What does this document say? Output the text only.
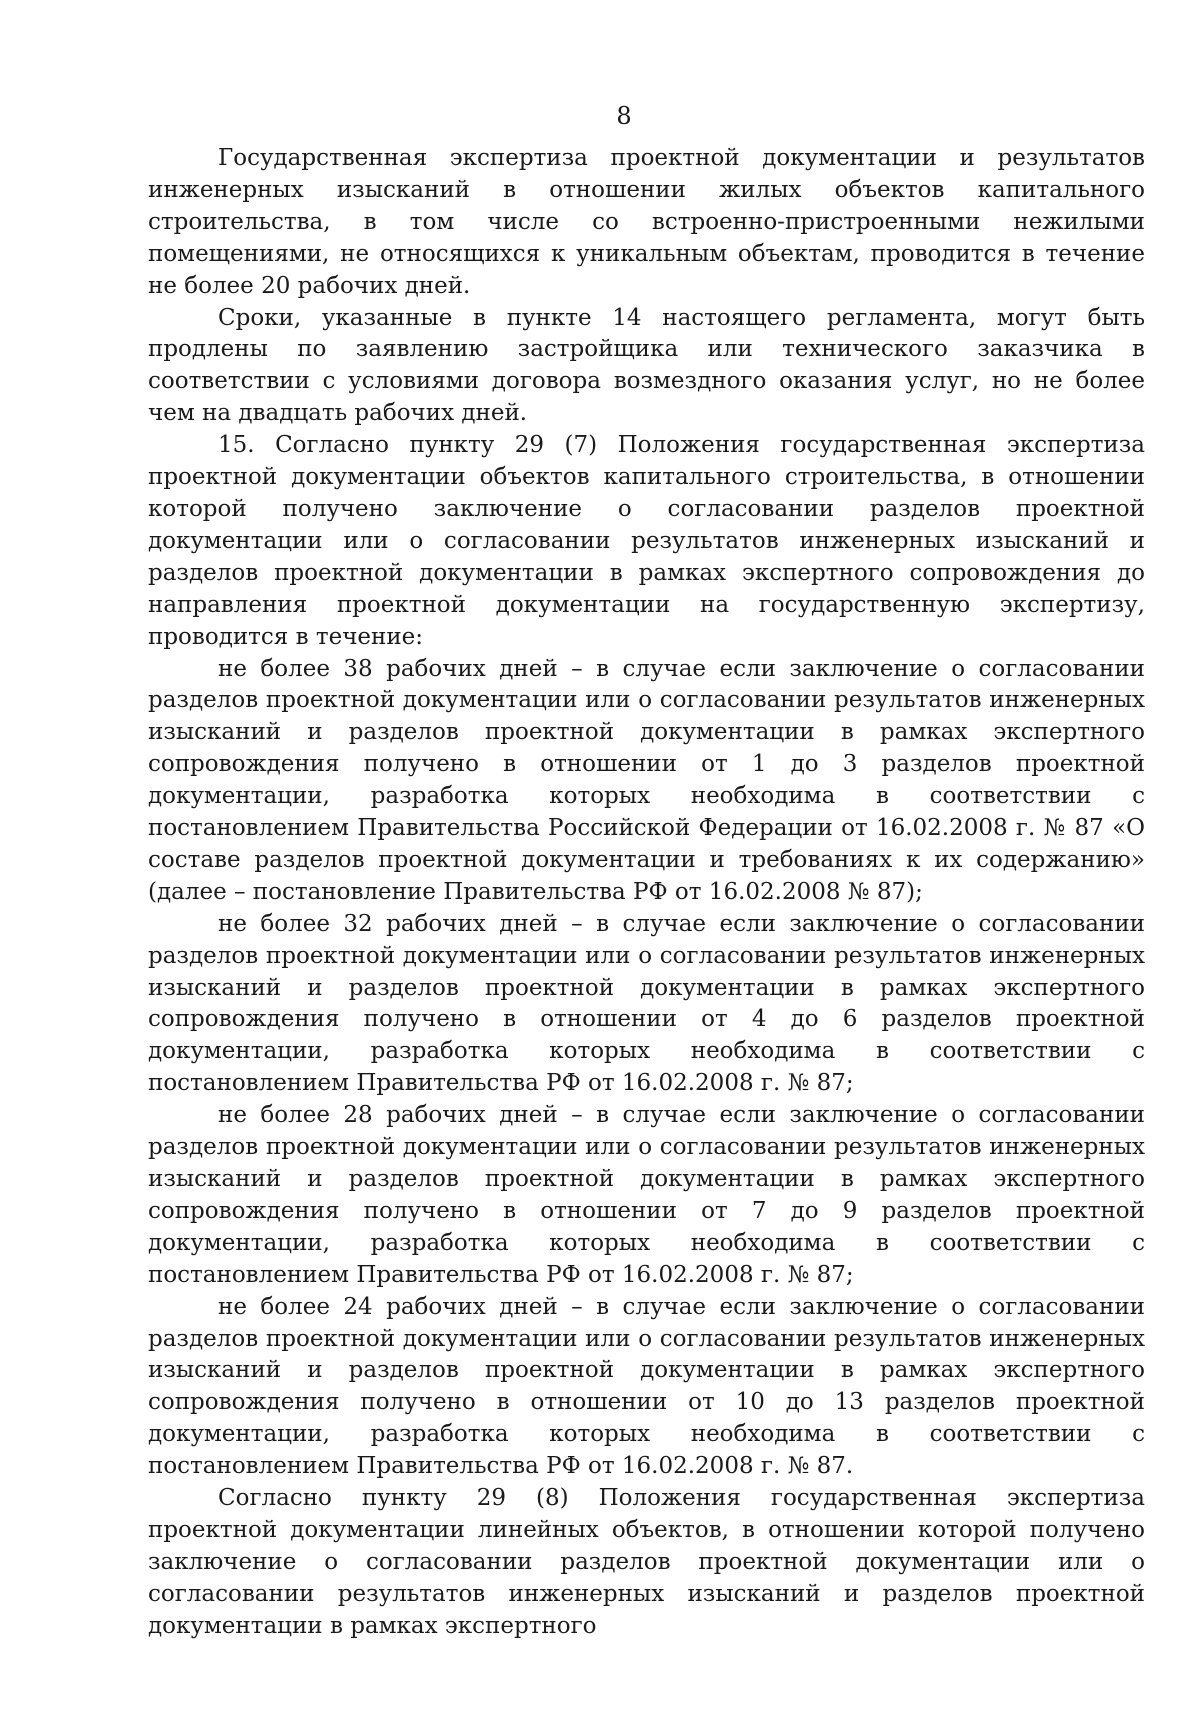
8

Государственная экспертиза проектной документации и результатов инженерных изысканий в отношении жилых объектов капитального строительства, в том числе со встроенно-пристроенными нежилыми помещениями, не относящихся к уникальным объектам, проводится в течение не более 20 рабочих дней.

Сроки, указанные в пункте 14 настоящего регламента, могут быть продлены по заявлению застройщика или технического заказчика в соответствии с условиями договора возмездного оказания услуг, но не более чем на двадцать рабочих дней.

15. Согласно пункту 29 (7) Положения государственная экспертиза проектной документации объектов капитального строительства, в отношении которой получено заключение о согласовании разделов проектной документации или о согласовании результатов инженерных изысканий и разделов проектной документации в рамках экспертного сопровождения до направления проектной документации на государственную экспертизу, проводится в течение:

не более 38 рабочих дней – в случае если заключение о согласовании разделов проектной документации или о согласовании результатов инженерных изысканий и разделов проектной документации в рамках экспертного сопровождения получено в отношении от 1 до 3 разделов проектной документации, разработка которых необходима в соответствии с постановлением Правительства Российской Федерации от 16.02.2008 г. № 87 «О составе разделов проектной документации и требованиях к их содержанию» (далее – постановление Правительства РФ от 16.02.2008 № 87);

не более 32 рабочих дней – в случае если заключение о согласовании разделов проектной документации или о согласовании результатов инженерных изысканий и разделов проектной документации в рамках экспертного сопровождения получено в отношении от 4 до 6 разделов проектной документации, разработка которых необходима в соответствии с постановлением Правительства РФ от 16.02.2008 г. № 87;

не более 28 рабочих дней – в случае если заключение о согласовании разделов проектной документации или о согласовании результатов инженерных изысканий и разделов проектной документации в рамках экспертного сопровождения получено в отношении от 7 до 9 разделов проектной документации, разработка которых необходима в соответствии с постановлением Правительства РФ от 16.02.2008 г. № 87;

не более 24 рабочих дней – в случае если заключение о согласовании разделов проектной документации или о согласовании результатов инженерных изысканий и разделов проектной документации в рамках экспертного сопровождения получено в отношении от 10 до 13 разделов проектной документации, разработка которых необходима в соответствии с постановлением Правительства РФ от 16.02.2008 г. № 87.

Согласно пункту 29 (8) Положения государственная экспертиза проектной документации линейных объектов, в отношении которой получено заключение о согласовании разделов проектной документации или о согласовании результатов инженерных изысканий и разделов проектной документации в рамках экспертного
